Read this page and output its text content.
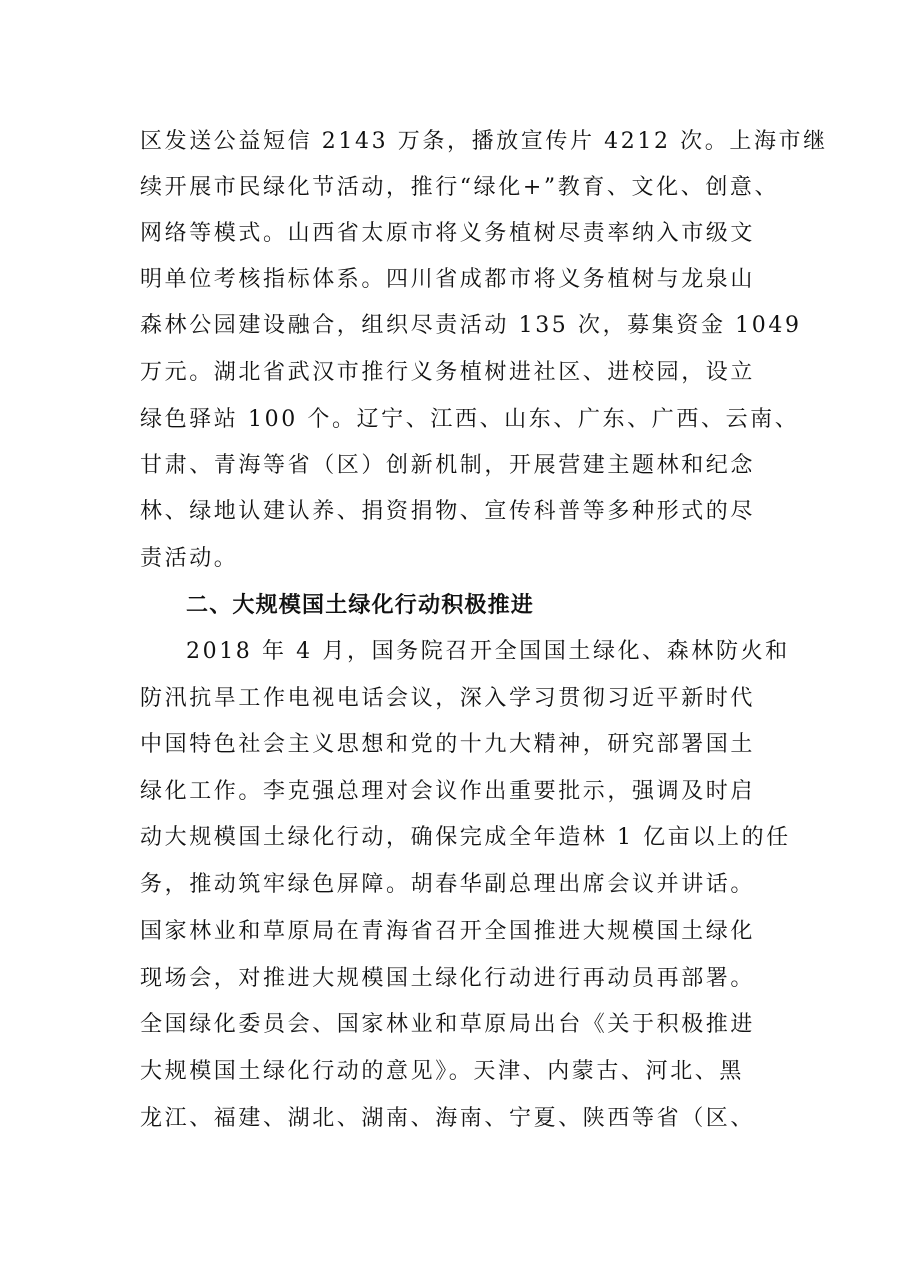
区发送公益短信 2143 万条，播放宣传片 4212 次。上海市继
续开展市民绿化节活动，推行“绿化+”教育、文化、创意、
网络等模式。山西省太原市将义务植树尽责率纳入市级文
明单位考核指标体系。四川省成都市将义务植树与龙泉山
森林公园建设融合，组织尽责活动 135 次，募集资金 1049
万元。湖北省武汉市推行义务植树进社区、进校园，设立
绿色驿站 100 个。辽宁、江西、山东、广东、广西、云南、
甘肃、青海等省（区）创新机制，开展营建主题林和纪念
林、绿地认建认养、捐资捐物、宣传科普等多种形式的尽
责活动。
二、大规模国土绿化行动积极推进
2018 年 4 月，国务院召开全国国土绿化、森林防火和
防汛抗旱工作电视电话会议，深入学习贯彻习近平新时代
中国特色社会主义思想和党的十九大精神，研究部署国土
绿化工作。李克强总理对会议作出重要批示，强调及时启
动大规模国土绿化行动，确保完成全年造林 1 亿亩以上的任
务，推动筑牢绿色屏障。胡春华副总理出席会议并讲话。
国家林业和草原局在青海省召开全国推进大规模国土绿化
现场会，对推进大规模国土绿化行动进行再动员再部署。
全国绿化委员会、国家林业和草原局出台《关于积极推进
大规模国土绿化行动的意见》。天津、内蒙古、河北、黑
龙江、福建、湖北、湖南、海南、宁夏、陕西等省（区、
